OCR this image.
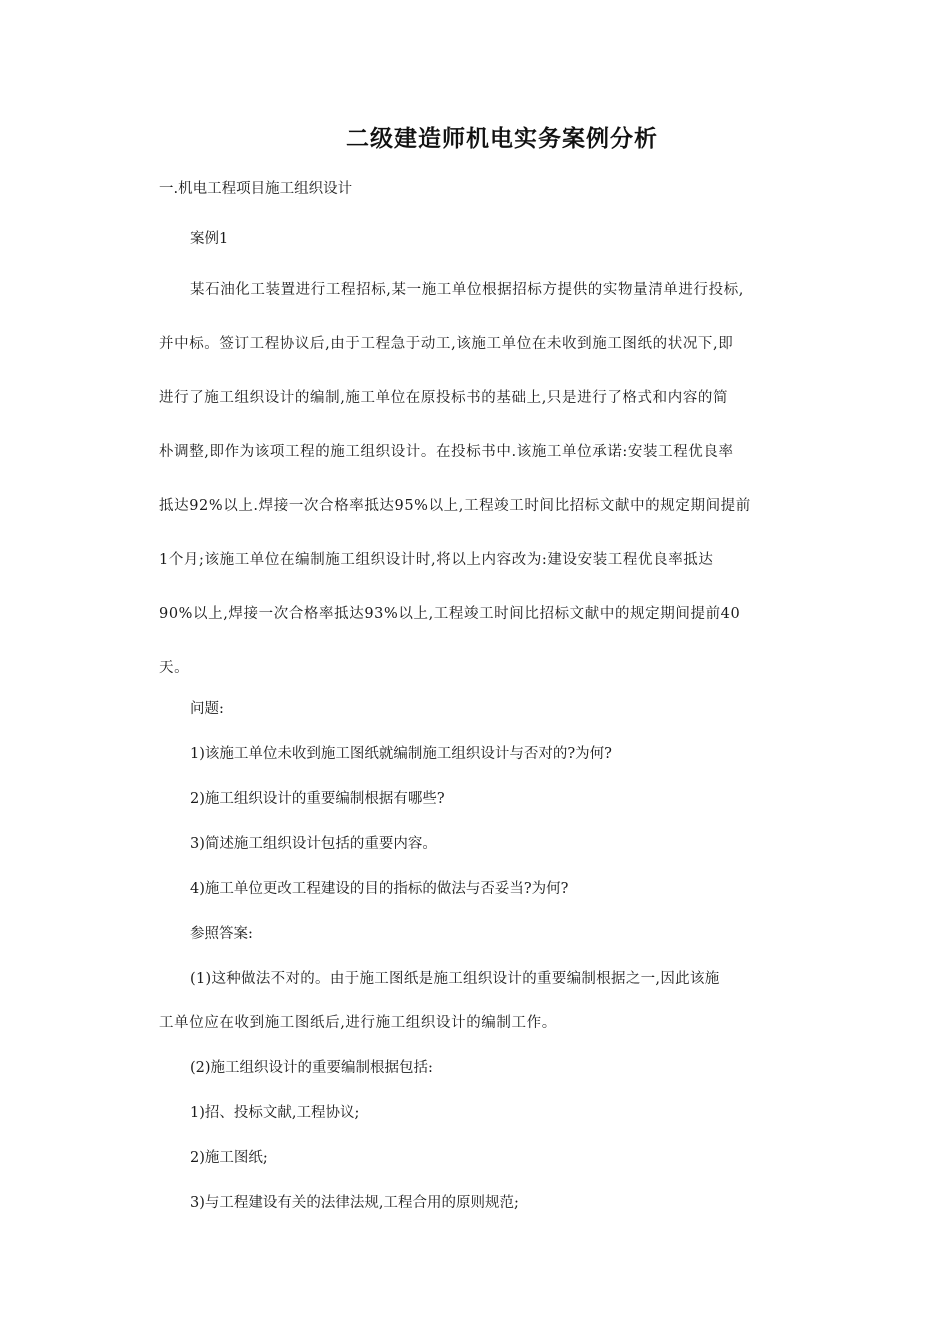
二级建造师机电实务案例分析
一.机电工程项目施工组织设计
案例1
某石油化工装置进行工程招标,某一施工单位根据招标方提供的实物量清单进行投标,
并中标。签订工程协议后,由于工程急于动工,该施工单位在未收到施工图纸的状况下,即
进行了施工组织设计的编制,施工单位在原投标书的基础上,只是进行了格式和内容的简
朴调整,即作为该项工程的施工组织设计。在投标书中.该施工单位承诺:安装工程优良率
抵达92%以上.焊接一次合格率抵达95%以上,工程竣工时间比招标文献中的规定期间提前
1个月;该施工单位在编制施工组织设计时,将以上内容改为:建设安装工程优良率抵达
90%以上,焊接一次合格率抵达93%以上,工程竣工时间比招标文献中的规定期间提前40
天。
问题:
1)该施工单位未收到施工图纸就编制施工组织设计与否对的?为何?
2)施工组织设计的重要编制根据有哪些?
3)简述施工组织设计包括的重要内容。
4)施工单位更改工程建设的目的指标的做法与否妥当?为何?
参照答案:
(1)这种做法不对的。由于施工图纸是施工组织设计的重要编制根据之一,因此该施
工单位应在收到施工图纸后,进行施工组织设计的编制工作。
(2)施工组织设计的重要编制根据包括:
1)招、投标文献,工程协议;
2)施工图纸;
3)与工程建设有关的法律法规,工程合用的原则规范;
